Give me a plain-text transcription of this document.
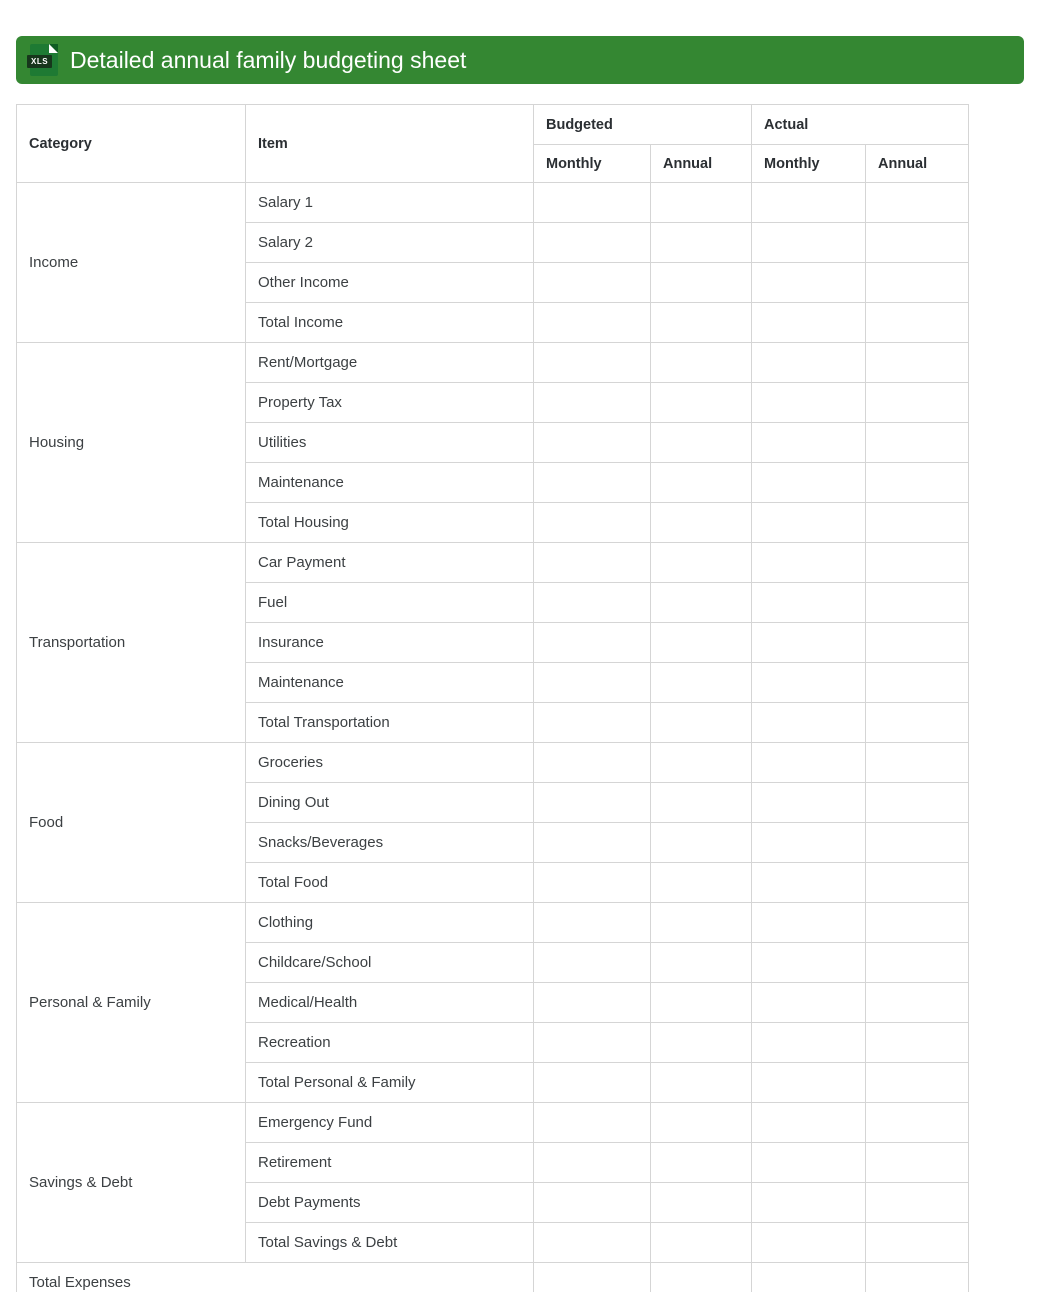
XLS Detailed annual family budgeting sheet
Category	Item	Budgeted		Actual	
		Monthly	Annual	Monthly	Annual
Income	Salary 1				
	Salary 2				
	Other Income				
	Total Income				
Housing	Rent/Mortgage				
	Property Tax				
	Utilities				
	Maintenance				
	Total Housing				
Transportation	Car Payment				
	Fuel				
	Insurance				
	Maintenance				
	Total Transportation				
Food	Groceries				
	Dining Out				
	Snacks/Beverages				
	Total Food				
Personal & Family	Clothing				
	Childcare/School				
	Medical/Health				
	Recreation				
	Total Personal & Family				
Savings & Debt	Emergency Fund				
	Retirement				
	Debt Payments				
	Total Savings & Debt				
Total Expenses					
